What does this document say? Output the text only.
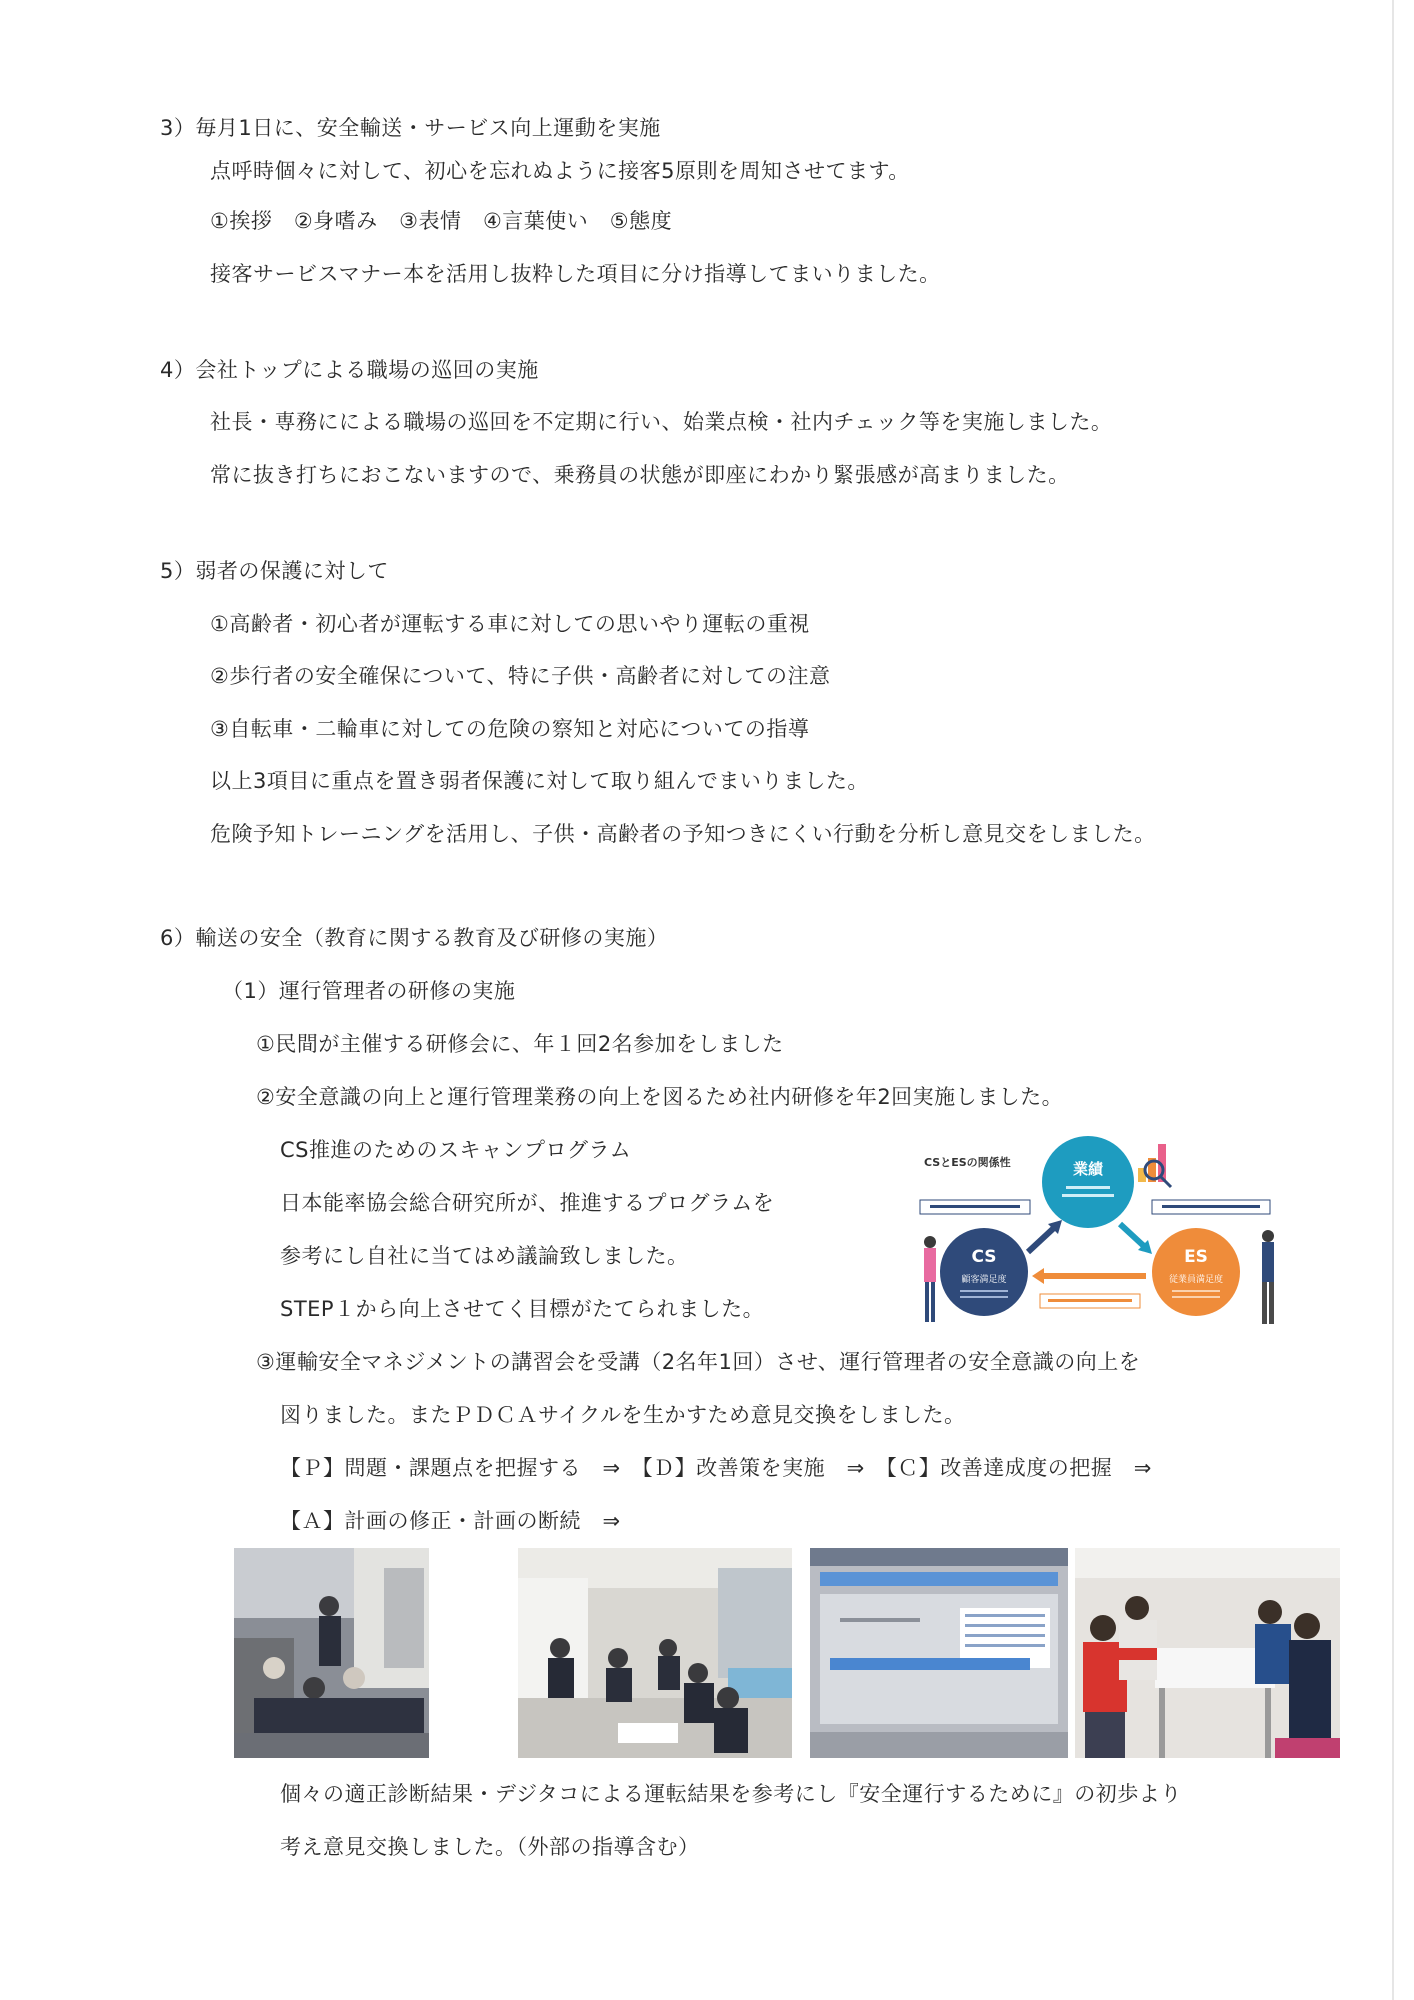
3）毎月1日に、安全輸送・サービス向上運動を実施
点呼時個々に対して、初心を忘れぬように接客5原則を周知させてます。
①挨拶　②身嗜み　③表情　④言葉使い　⑤態度
接客サービスマナー本を活用し抜粋した項目に分け指導してまいりました。
4）会社トップによる職場の巡回の実施
社長・専務にによる職場の巡回を不定期に行い、始業点検・社内チェック等を実施しました。
常に抜き打ちにおこないますので、乗務員の状態が即座にわかり緊張感が高まりました。
5）弱者の保護に対して
①高齢者・初心者が運転する車に対しての思いやり運転の重視
②歩行者の安全確保について、特に子供・高齢者に対しての注意
③自転車・二輪車に対しての危険の察知と対応についての指導
以上3項目に重点を置き弱者保護に対して取り組んでまいりました。
危険予知トレーニングを活用し、子供・高齢者の予知つきにくい行動を分析し意見交をしました。
6）輸送の安全（教育に関する教育及び研修の実施）
（1）運行管理者の研修の実施
①民間が主催する研修会に、年１回2名参加をしました
②安全意識の向上と運行管理業務の向上を図るため社内研修を年2回実施しました。
CS推進のためのスキャンプログラム
日本能率協会総合研究所が、推進するプログラムを
参考にし自社に当てはめ議論致しました。
STEP１から向上させてく目標がたてられました。
③運輸安全マネジメントの講習会を受講（2名年1回）させ、運行管理者の安全意識の向上を
図りました。またＰＤＣＡサイクルを生かすため意見交換をしました。
【Ｐ】問題・課題点を把握する　⇒　【Ｄ】改善策を実施　⇒　【Ｃ】改善達成度の把握　⇒
【Ａ】計画の修正・計画の断続　⇒
CSとESの関係性	業績
CS
顧客満足度
ES
従業員満足度
個々の適正診断結果・デジタコによる運転結果を参考にし『安全運行するために』の初歩より
考え意見交換しました。（外部の指導含む）
